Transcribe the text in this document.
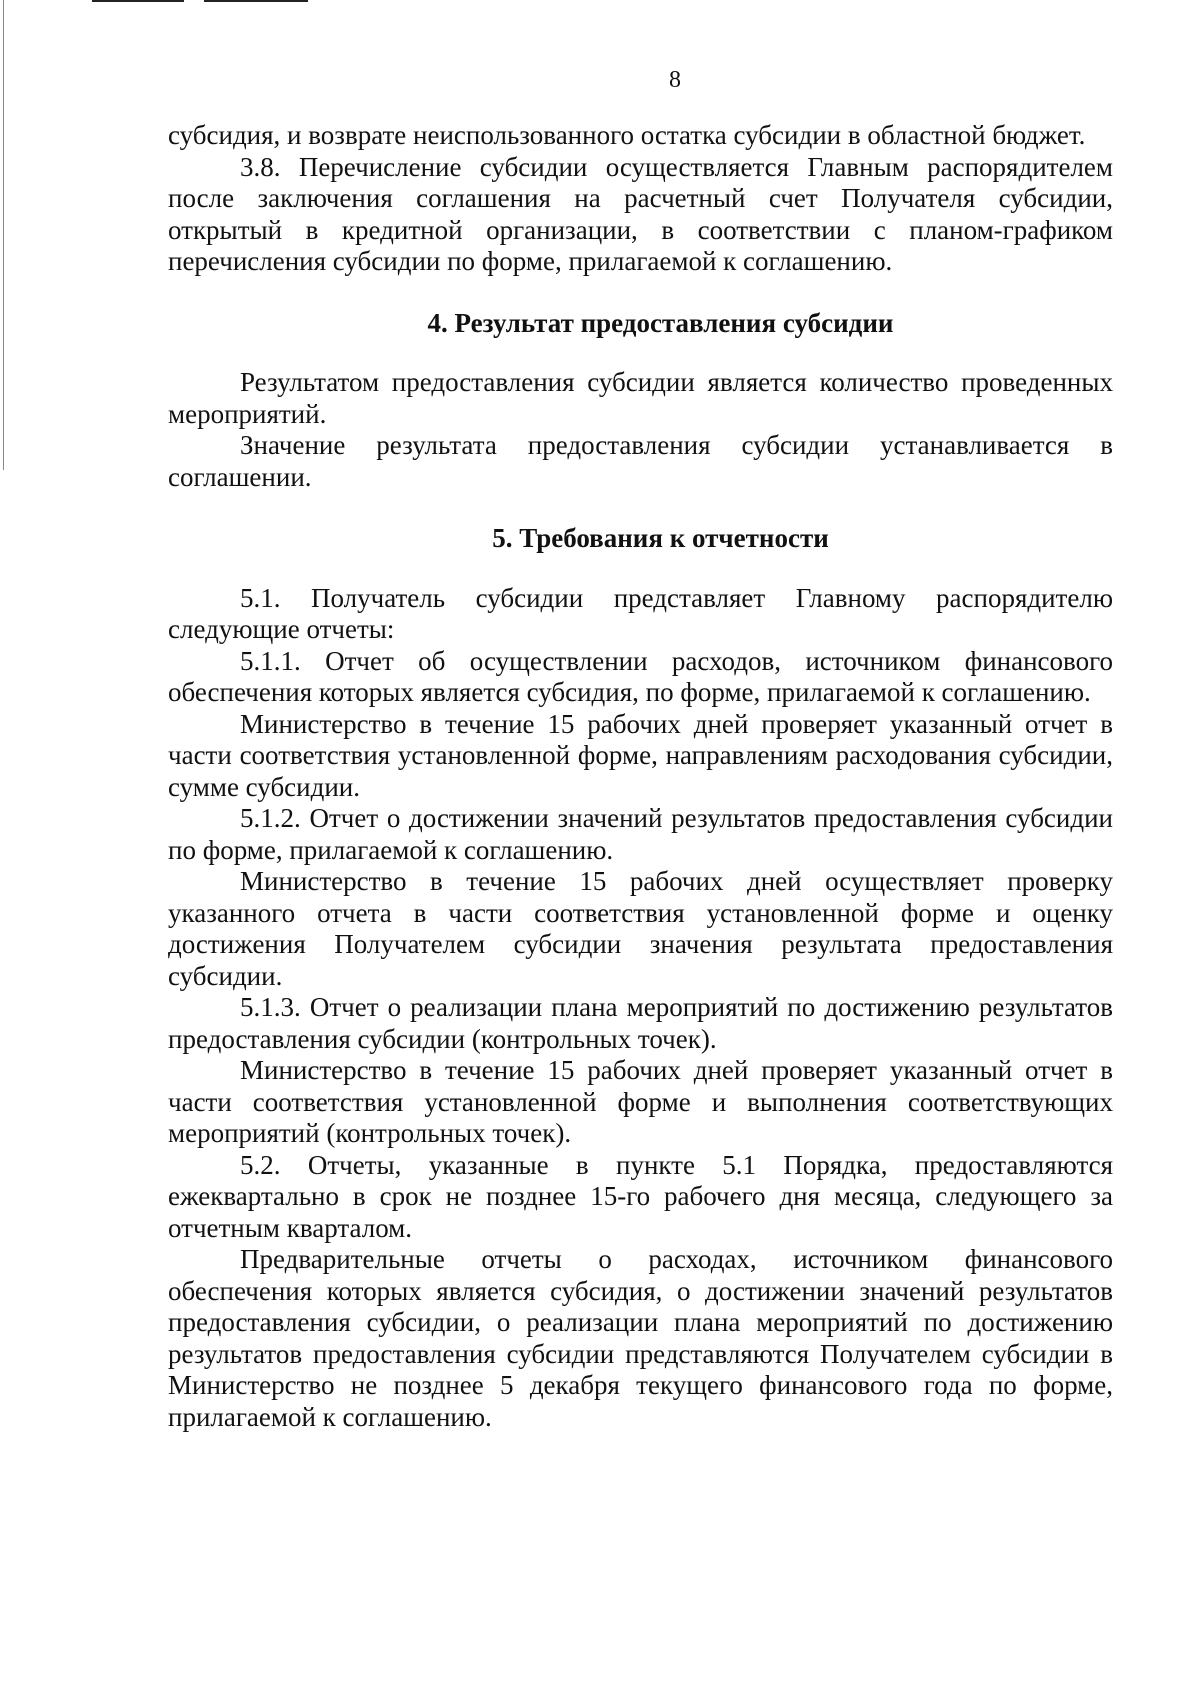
8

субсидия, и возврате неиспользованного остатка субсидии в областной бюджет.

3.8. Перечисление субсидии осуществляется Главным распорядителем после заключения соглашения на расчетный счет Получателя субсидии, открытый в кредитной организации, в соответствии с планом-графиком перечисления субсидии по форме, прилагаемой к соглашению.

4. Результат предоставления субсидии

Результатом предоставления субсидии является количество проведенных мероприятий.

Значение результата предоставления субсидии устанавливается в соглашении.

5. Требования к отчетности

5.1. Получатель субсидии представляет Главному распорядителю следующие отчеты:

5.1.1. Отчет об осуществлении расходов, источником финансового обеспечения которых является субсидия, по форме, прилагаемой к соглашению.

Министерство в течение 15 рабочих дней проверяет указанный отчет в части соответствия установленной форме, направлениям расходования субсидии, сумме субсидии.

5.1.2. Отчет о достижении значений результатов предоставления субсидии по форме, прилагаемой к соглашению.

Министерство в течение 15 рабочих дней осуществляет проверку указанного отчета в части соответствия установленной форме и оценку достижения Получателем субсидии значения результата предоставления субсидии.

5.1.3. Отчет о реализации плана мероприятий по достижению результатов предоставления субсидии (контрольных точек).

Министерство в течение 15 рабочих дней проверяет указанный отчет в части соответствия установленной форме и выполнения соответствующих мероприятий (контрольных точек).

5.2. Отчеты, указанные в пункте 5.1 Порядка, предоставляются ежеквартально в срок не позднее 15-го рабочего дня месяца, следующего за отчетным кварталом.

Предварительные отчеты о расходах, источником финансового обеспечения которых является субсидия, о достижении значений результатов предоставления субсидии, о реализации плана мероприятий по достижению результатов предоставления субсидии представляются Получателем субсидии в Министерство не позднее 5 декабря текущего финансового года по форме, прилагаемой к соглашению.
